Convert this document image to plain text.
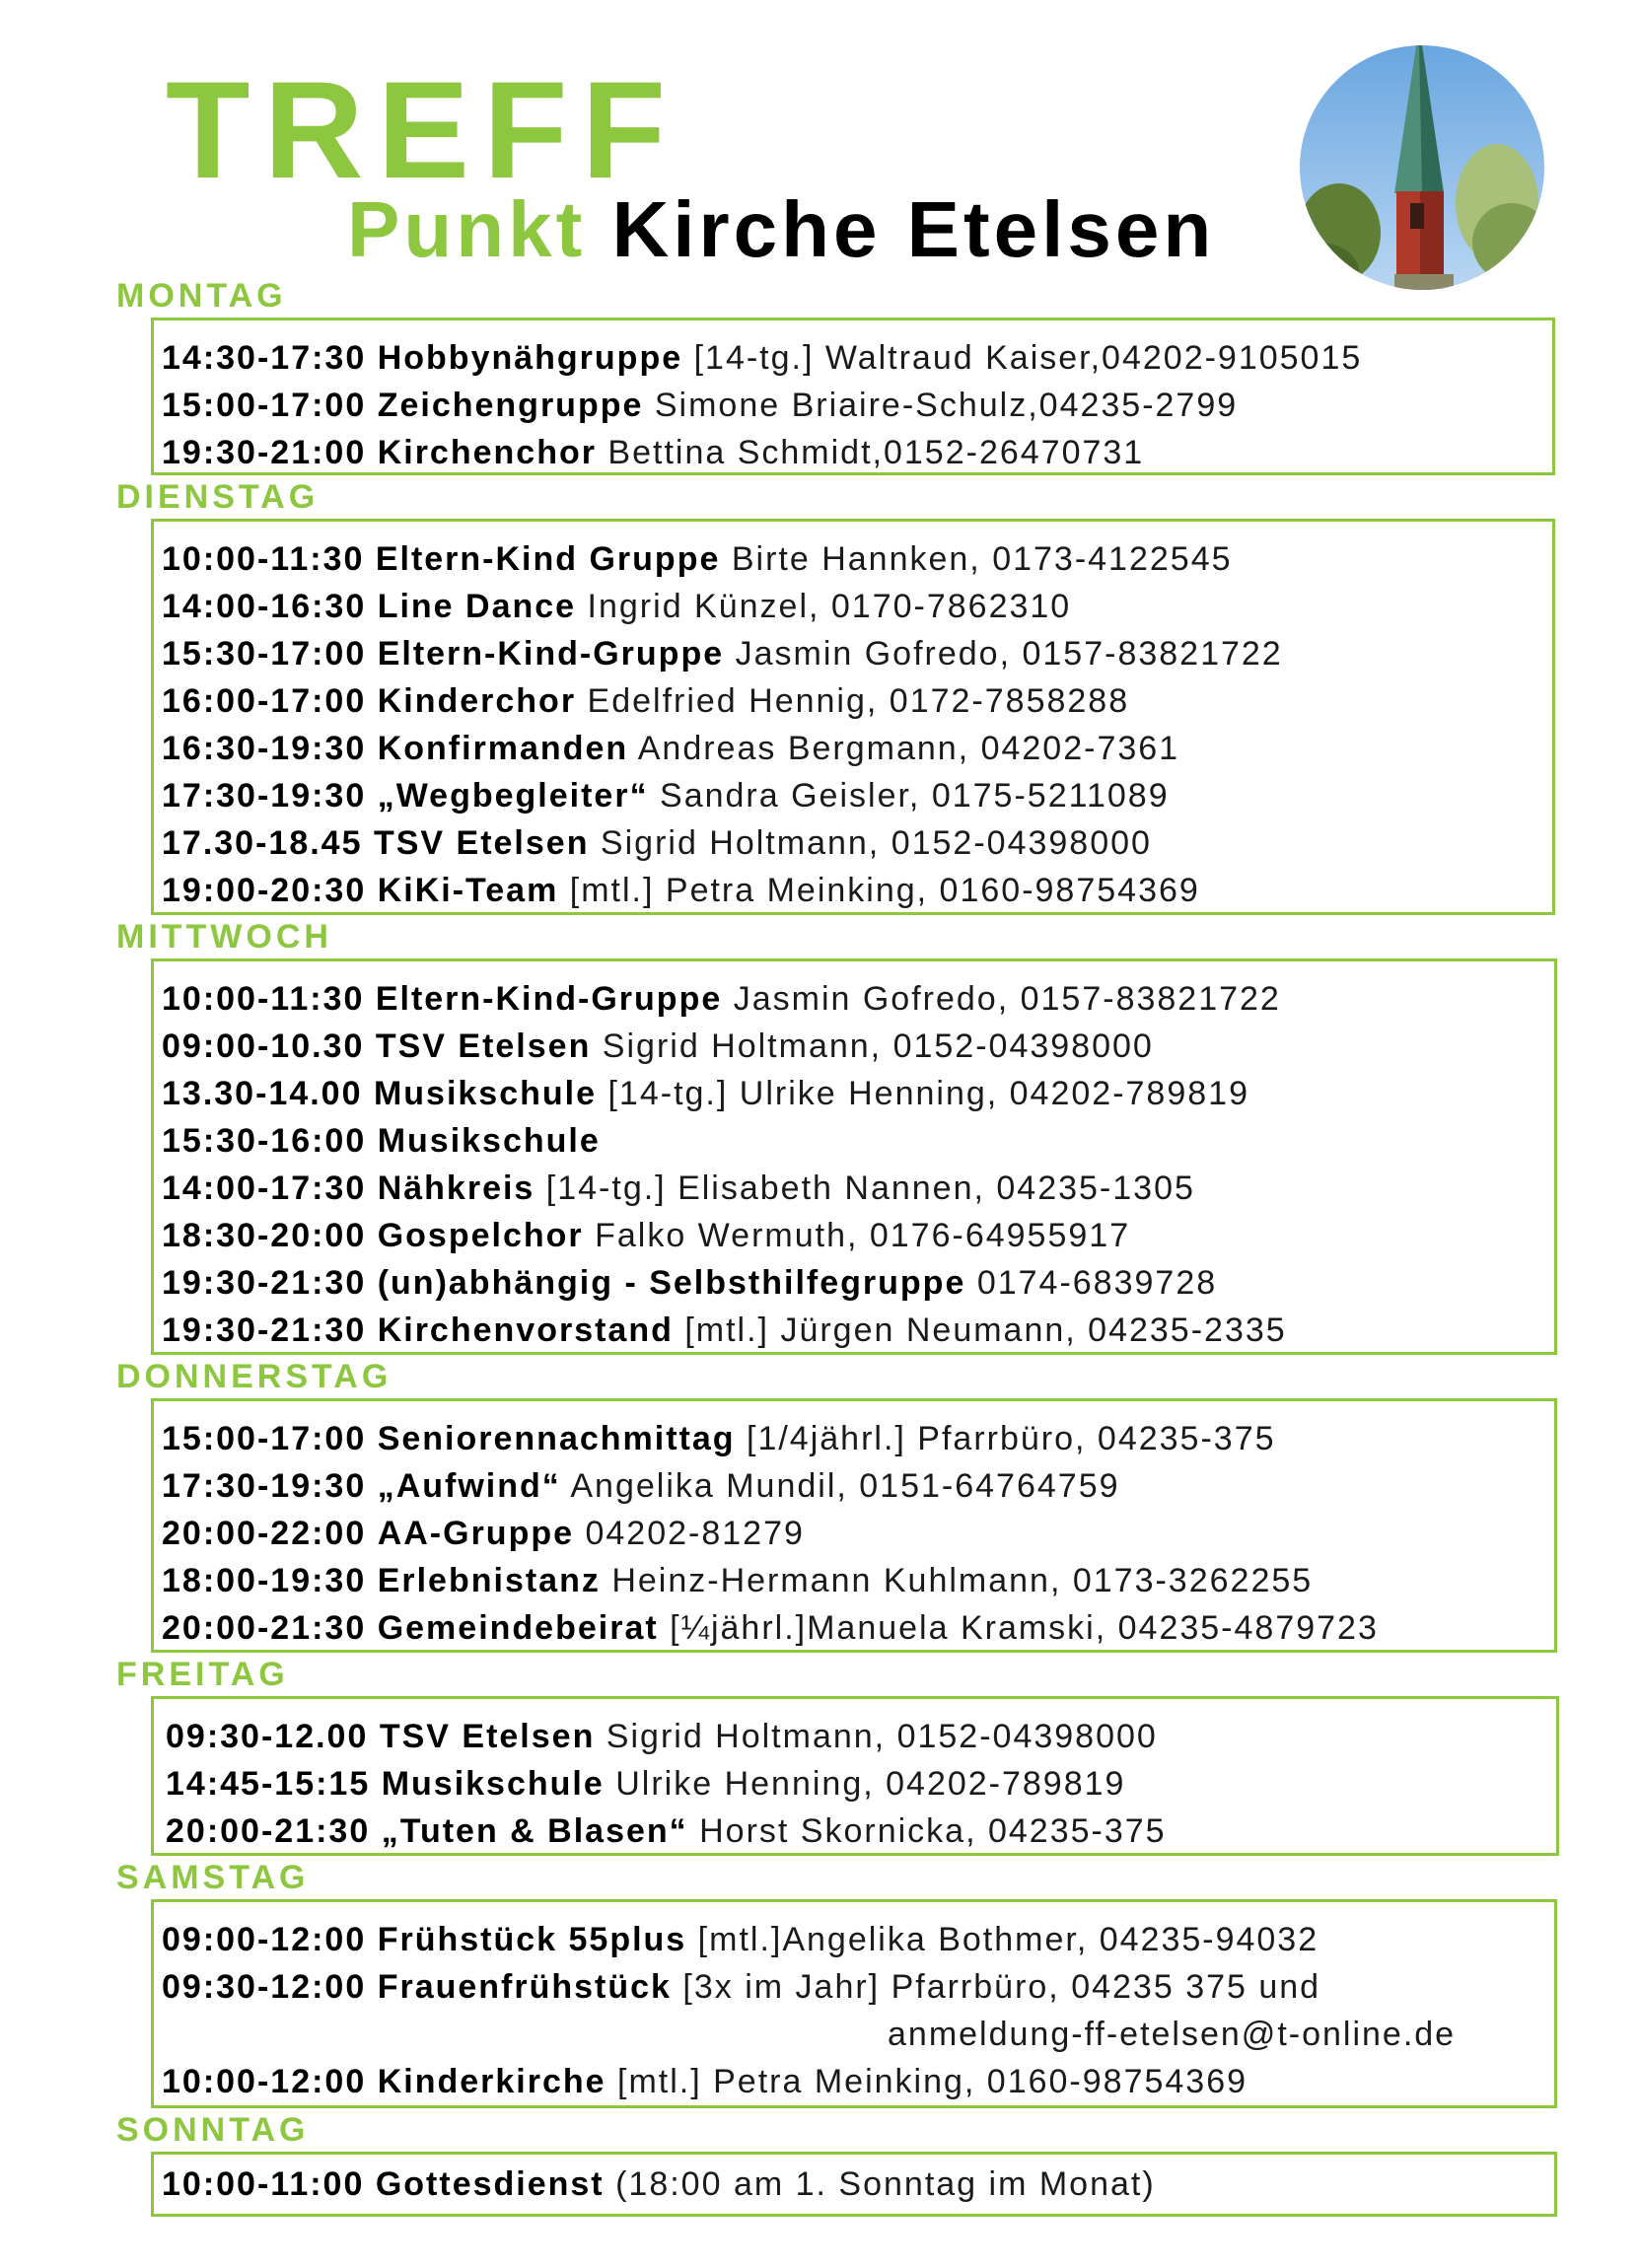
TREFF
Punkt Kirche Etelsen
MONTAG
14:30-17:30 Hobbynähgruppe [14-tg.] Waltraud Kaiser,04202-9105015
15:00-17:00 Zeichengruppe Simone Briaire-Schulz,04235-2799
19:30-21:00 Kirchenchor Bettina Schmidt,0152-26470731
DIENSTAG
10:00-11:30 Eltern-Kind Gruppe Birte Hannken, 0173-4122545
14:00-16:30 Line Dance Ingrid Künzel, 0170-7862310
15:30-17:00 Eltern-Kind-Gruppe Jasmin Gofredo, 0157-83821722
16:00-17:00 Kinderchor Edelfried Hennig, 0172-7858288
16:30-19:30 Konfirmanden Andreas Bergmann, 04202-7361
17:30-19:30 „Wegbegleiter“ Sandra Geisler, 0175-5211089
17.30-18.45 TSV Etelsen Sigrid Holtmann, 0152-04398000
19:00-20:30 KiKi-Team [mtl.] Petra Meinking, 0160-98754369
MITTWOCH
10:00-11:30 Eltern-Kind-Gruppe Jasmin Gofredo, 0157-83821722
09:00-10.30 TSV Etelsen Sigrid Holtmann, 0152-04398000
13.30-14.00 Musikschule [14-tg.] Ulrike Henning, 04202-789819
15:30-16:00 Musikschule
14:00-17:30 Nähkreis [14-tg.] Elisabeth Nannen, 04235-1305
18:30-20:00 Gospelchor Falko Wermuth, 0176-64955917
19:30-21:30 (un)abhängig - Selbsthilfegruppe 0174-6839728
19:30-21:30 Kirchenvorstand [mtl.] Jürgen Neumann, 04235-2335
DONNERSTAG
15:00-17:00 Seniorennachmittag [1/4jährl.] Pfarrbüro, 04235-375
17:30-19:30 „Aufwind“ Angelika Mundil, 0151-64764759
20:00-22:00 AA-Gruppe 04202-81279
18:00-19:30 Erlebnistanz Heinz-Hermann Kuhlmann, 0173-3262255
20:00-21:30 Gemeindebeirat [¼jährl.]Manuela Kramski, 04235-4879723
FREITAG
09:30-12.00 TSV Etelsen Sigrid Holtmann, 0152-04398000
14:45-15:15 Musikschule Ulrike Henning, 04202-789819
20:00-21:30 „Tuten & Blasen“ Horst Skornicka, 04235-375
SAMSTAG
09:00-12:00 Frühstück 55plus [mtl.]Angelika Bothmer, 04235-94032
09:30-12:00 Frauenfrühstück [3x im Jahr] Pfarrbüro, 04235 375 und
anmeldung-ff-etelsen@t-online.de
10:00-12:00 Kinderkirche [mtl.] Petra Meinking, 0160-98754369
SONNTAG
10:00-11:00 Gottesdienst (18:00 am 1. Sonntag im Monat)
